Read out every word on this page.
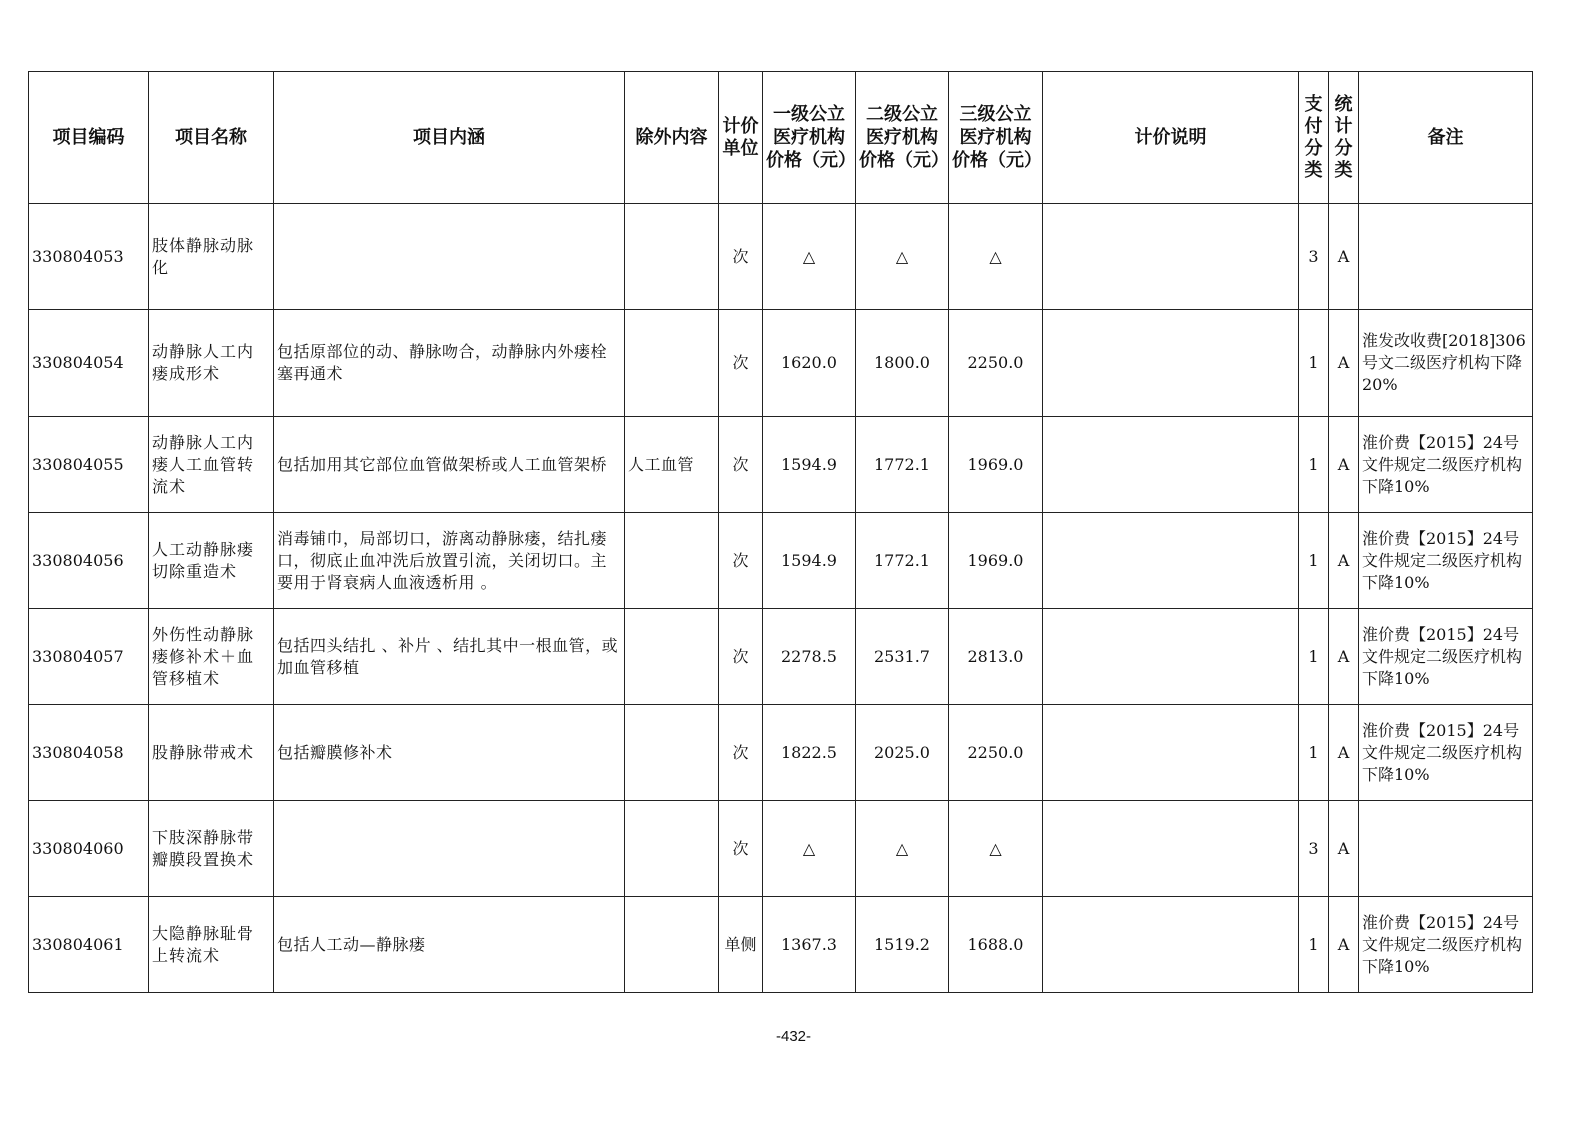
项目编码	项目名称	项目内涵	除外内容	计价单位	一级公立医疗机构价格（元）	二级公立医疗机构价格（元）	三级公立医疗机构价格（元）	计价说明	支付分类	统计分类	备注
330804053	肢体静脉动脉化			次	△	△	△		3	A	
330804054	动静脉人工内瘘成形术	包括原部位的动、静脉吻合，动静脉内外瘘栓塞再通术		次	1620.0	1800.0	2250.0		1	A	淮发改收费[2018]306号文二级医疗机构下降20%
330804055	动静脉人工内瘘人工血管转流术	包括加用其它部位血管做架桥或人工血管架桥	人工血管	次	1594.9	1772.1	1969.0		1	A	淮价费【2015】24号文件规定二级医疗机构下降10%
330804056	人工动静脉瘘切除重造术	消毒铺巾，局部切口，游离动静脉瘘，结扎瘘口，彻底止血冲洗后放置引流，关闭切口。主要用于肾衰病人血液透析用 。		次	1594.9	1772.1	1969.0		1	A	淮价费【2015】24号文件规定二级医疗机构下降10%
330804057	外伤性动静脉瘘修补术＋血管移植术	包括四头结扎 、补片 、结扎其中一根血管，或加血管移植		次	2278.5	2531.7	2813.0		1	A	淮价费【2015】24号文件规定二级医疗机构下降10%
330804058	股静脉带戒术	包括瓣膜修补术		次	1822.5	2025.0	2250.0		1	A	淮价费【2015】24号文件规定二级医疗机构下降10%
330804060	下肢深静脉带瓣膜段置换术			次	△	△	△		3	A	
330804061	大隐静脉耻骨上转流术	包括人工动—静脉瘘		单侧	1367.3	1519.2	1688.0		1	A	淮价费【2015】24号文件规定二级医疗机构下降10%
-432-
